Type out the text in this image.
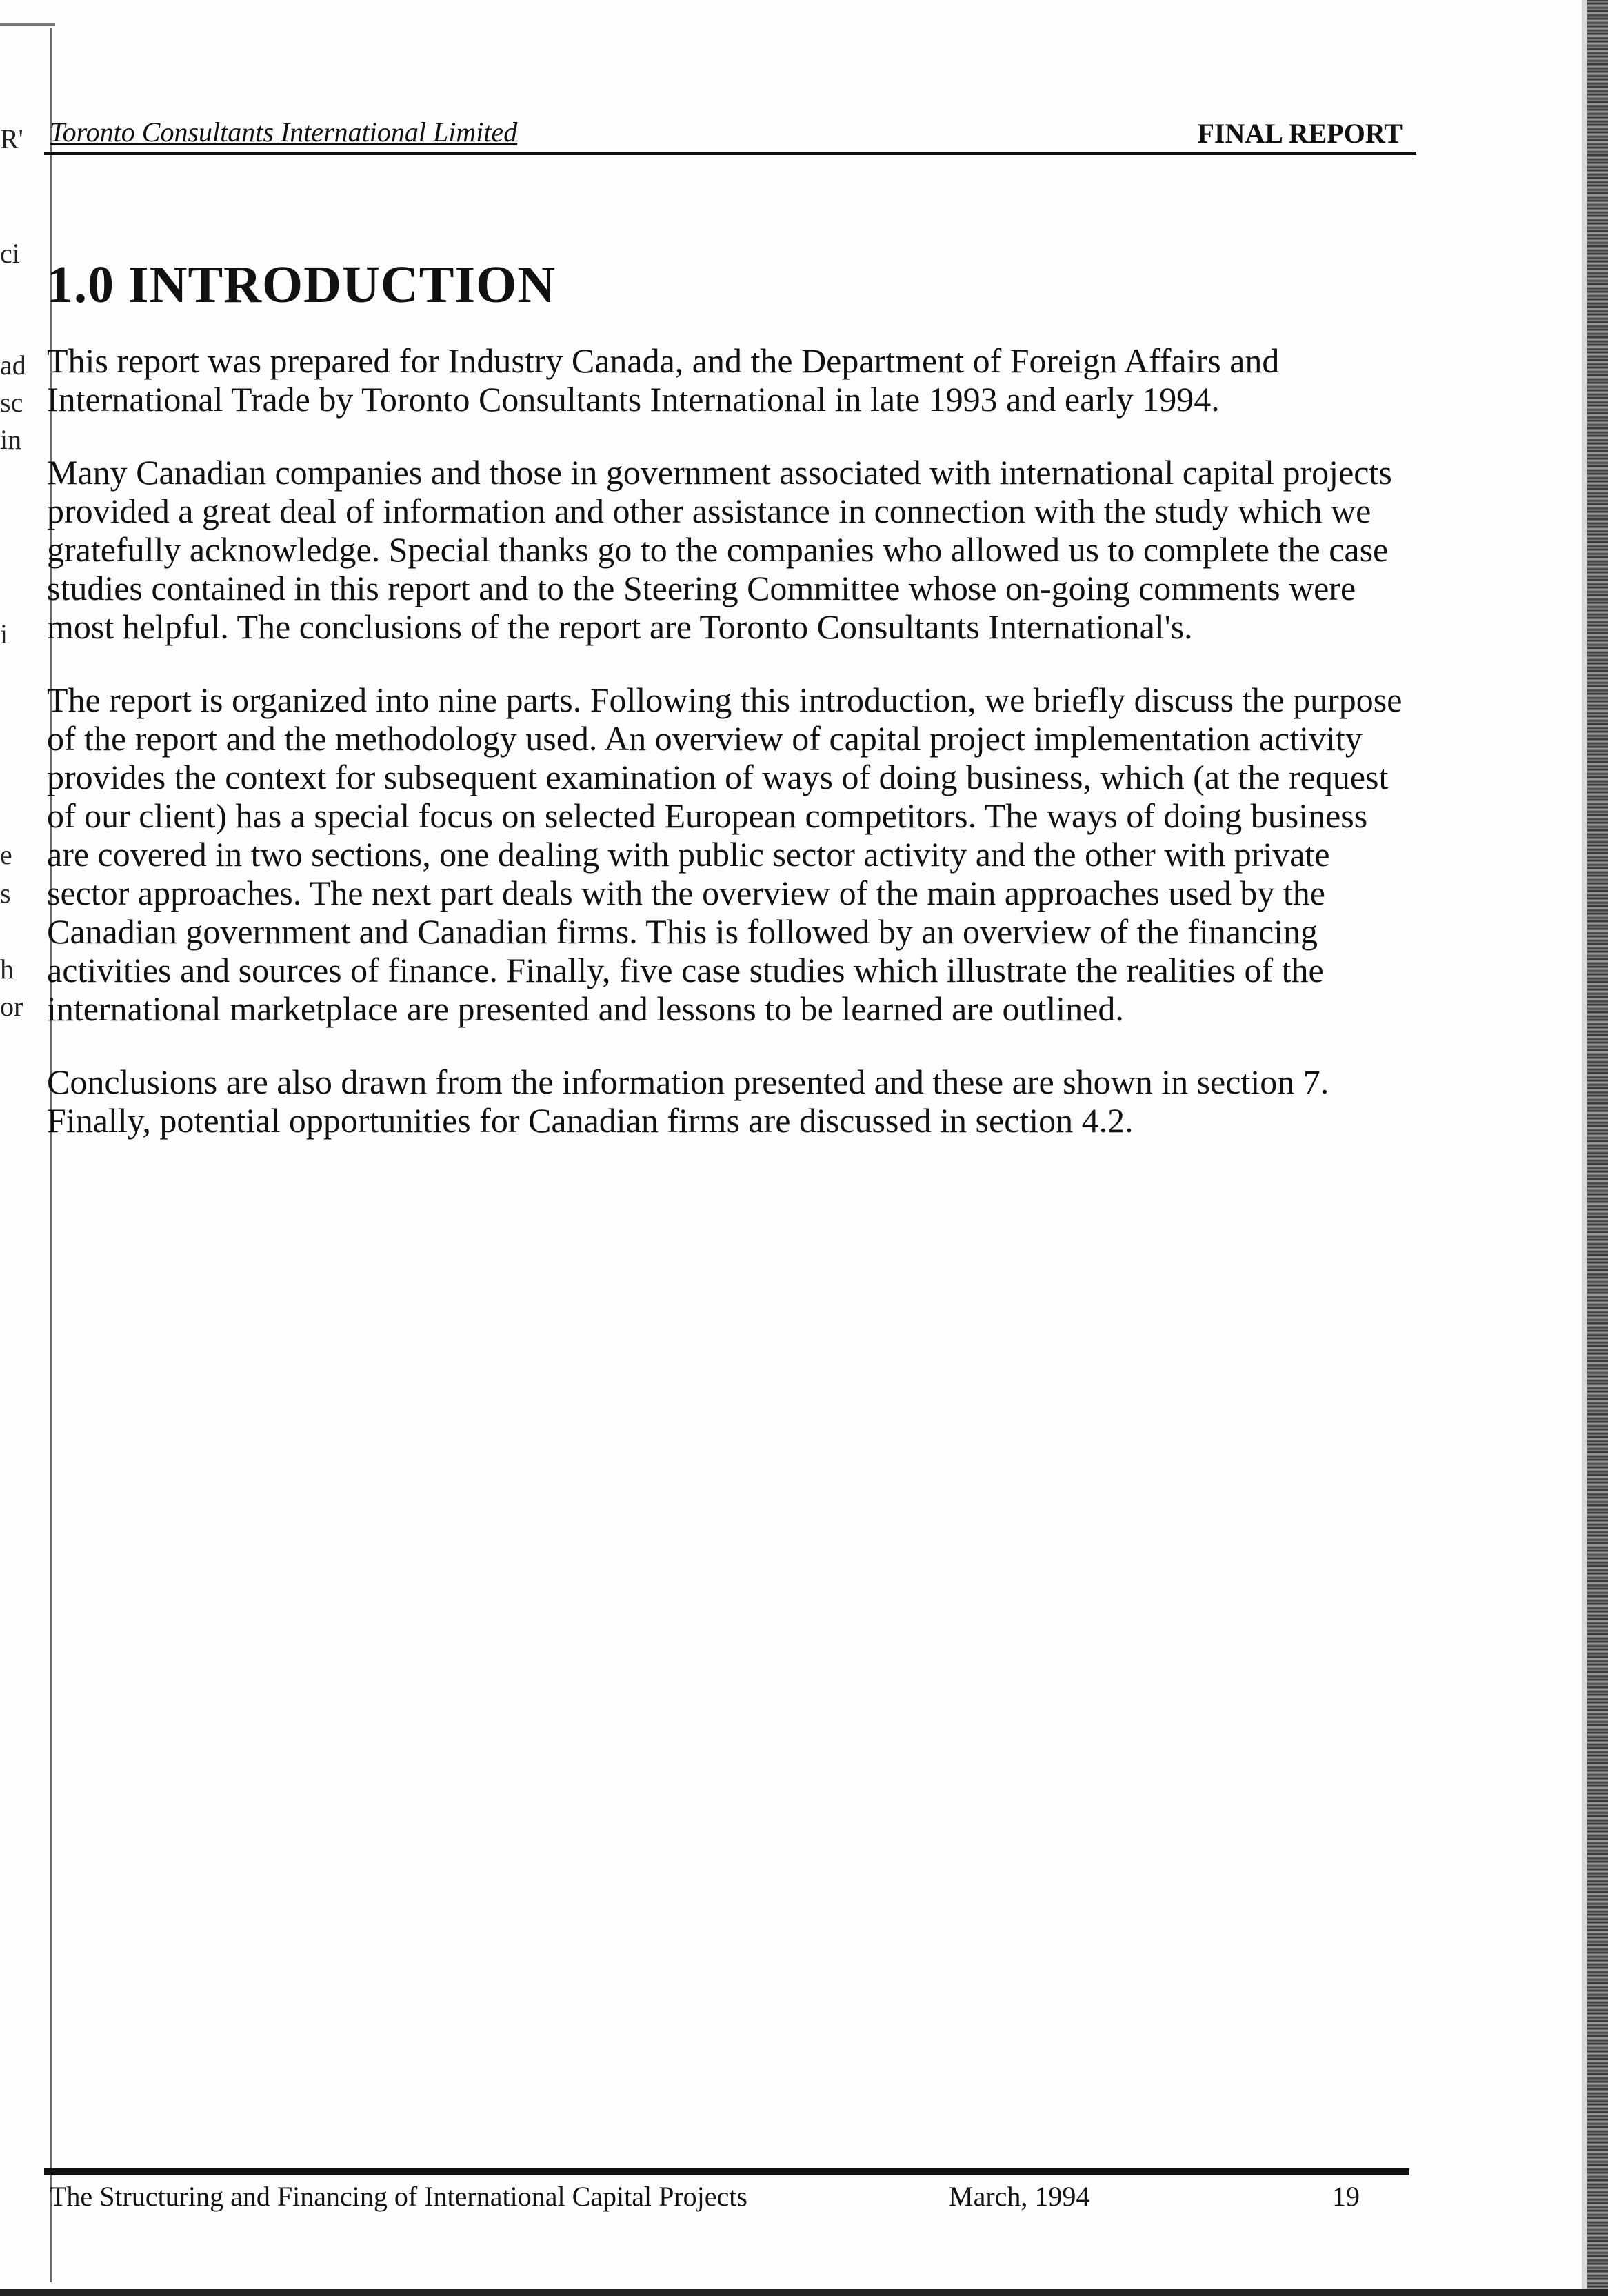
R'
ci
ad
sc
in
i
e
s
h
or
Toronto Consultants International Limited	FINAL REPORT
1.0 INTRODUCTION

This report was prepared for Industry Canada, and the Department of Foreign Affairs and International Trade by Toronto Consultants International in late 1993 and early 1994.

Many Canadian companies and those in government associated with international capital projects provided a great deal of information and other assistance in connection with the study which we gratefully acknowledge. Special thanks go to the companies who allowed us to complete the case studies contained in this report and to the Steering Committee whose on-going comments were most helpful. The conclusions of the report are Toronto Consultants International's.

The report is organized into nine parts. Following this introduction, we briefly discuss the purpose of the report and the methodology used. An overview of capital project implementation activity provides the context for subsequent examination of ways of doing business, which (at the request of our client) has a special focus on selected European competitors. The ways of doing business are covered in two sections, one dealing with public sector activity and the other with private sector approaches. The next part deals with the overview of the main approaches used by the Canadian government and Canadian firms. This is followed by an overview of the financing activities and sources of finance. Finally, five case studies which illustrate the realities of the international marketplace are presented and lessons to be learned are outlined.

Conclusions are also drawn from the information presented and these are shown in section 7. Finally, potential opportunities for Canadian firms are discussed in section 4.2.

The Structuring and Financing of International Capital Projects	March, 1994	19
